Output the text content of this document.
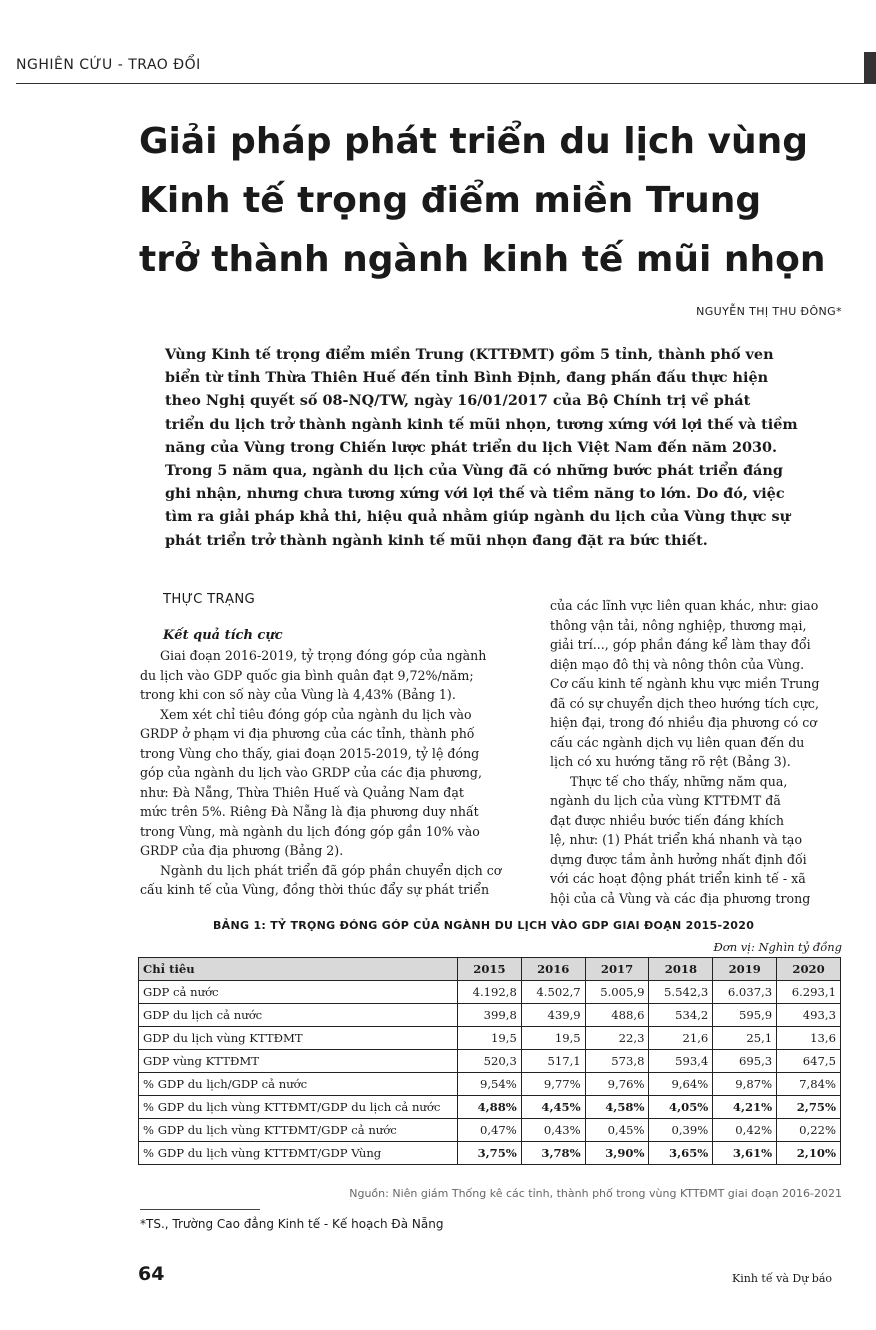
NGHIÊN CỨU - TRAO ĐỔI
Giải pháp phát triển du lịch vùng
Kinh tế trọng điểm miền Trung
trở thành ngành kinh tế mũi nhọn
NGUYỄN THỊ THU ĐÔNG*
Vùng Kinh tế trọng điểm miền Trung (KTTĐMT) gồm 5 tỉnh, thành phố ven
biển từ tỉnh Thừa Thiên Huế đến tỉnh Bình Định, đang phấn đấu thực hiện
theo Nghị quyết số 08-NQ/TW, ngày 16/01/2017 của Bộ Chính trị về phát
triển du lịch trở thành ngành kinh tế mũi nhọn, tương xứng với lợi thế và tiềm
năng của Vùng trong Chiến lược phát triển du lịch Việt Nam đến năm 2030.
Trong 5 năm qua, ngành du lịch của Vùng đã có những bước phát triển đáng
ghi nhận, nhưng chưa tương xứng với lợi thế và tiềm năng to lớn. Do đó, việc
tìm ra giải pháp khả thi, hiệu quả nhằm giúp ngành du lịch của Vùng thực sự
phát triển trở thành ngành kinh tế mũi nhọn đang đặt ra bức thiết.
THỰC TRẠNG
Kết quả tích cực
Giai đoạn 2016-2019, tỷ trọng đóng góp của ngành
du lịch vào GDP quốc gia bình quân đạt 9,72%/năm;
trong khi con số này của Vùng là 4,43% (Bảng 1).
Xem xét chỉ tiêu đóng góp của ngành du lịch vào
GRDP ở phạm vi địa phương của các tỉnh, thành phố
trong Vùng cho thấy, giai đoạn 2015-2019, tỷ lệ đóng
góp của ngành du lịch vào GRDP của các địa phương,
như: Đà Nẵng, Thừa Thiên Huế và Quảng Nam đạt
mức trên 5%. Riêng Đà Nẵng là địa phương duy nhất
trong Vùng, mà ngành du lịch đóng góp gần 10% vào
GRDP của địa phương (Bảng 2).
Ngành du lịch phát triển đã góp phần chuyển dịch cơ
cấu kinh tế của Vùng, đồng thời thúc đẩy sự phát triển
của các lĩnh vực liên quan khác, như: giao
thông vận tải, nông nghiệp, thương mại,
giải trí..., góp phần đáng kể làm thay đổi
diện mạo đô thị và nông thôn của Vùng.
Cơ cấu kinh tế ngành khu vực miền Trung
đã có sự chuyển dịch theo hướng tích cực,
hiện đại, trong đó nhiều địa phương có cơ
cấu các ngành dịch vụ liên quan đến du
lịch có xu hướng tăng rõ rệt (Bảng 3).
Thực tế cho thấy, những năm qua,
ngành du lịch của vùng KTTĐMT đã
đạt được nhiều bước tiến đáng khích
lệ, như: (1) Phát triển khá nhanh và tạo
dựng được tầm ảnh hưởng nhất định đối
với các hoạt động phát triển kinh tế - xã
hội của cả Vùng và các địa phương trong
BẢNG 1: TỶ TRỌNG ĐÓNG GÓP CỦA NGÀNH DU LỊCH VÀO GDP GIAI ĐOẠN 2015-2020
Đơn vị: Nghìn tỷ đồng
Chỉ tiêu	2015	2016	2017	2018	2019	2020
GDP cả nước	4.192,8	4.502,7	5.005,9	5.542,3	6.037,3	6.293,1
GDP du lịch cả nước	399,8	439,9	488,6	534,2	595,9	493,3
GDP du lịch vùng KTTĐMT	19,5	19,5	22,3	21,6	25,1	13,6
GDP vùng KTTĐMT	520,3	517,1	573,8	593,4	695,3	647,5
% GDP du lịch/GDP cả nước	9,54%	9,77%	9,76%	9,64%	9,87%	7,84%
% GDP du lịch vùng KTTĐMT/GDP du lịch cả nước	4,88%	4,45%	4,58%	4,05%	4,21%	2,75%
% GDP du lịch vùng KTTĐMT/GDP cả nước	0,47%	0,43%	0,45%	0,39%	0,42%	0,22%
% GDP du lịch vùng KTTĐMT/GDP Vùng	3,75%	3,78%	3,90%	3,65%	3,61%	2,10%
Nguồn: Niên giám Thống kê các tỉnh, thành phố trong vùng KTTĐMT giai đoạn 2016-2021
*TS., Trường Cao đẳng Kinh tế - Kế hoạch Đà Nẵng
64	Kinh tế và Dự báo
